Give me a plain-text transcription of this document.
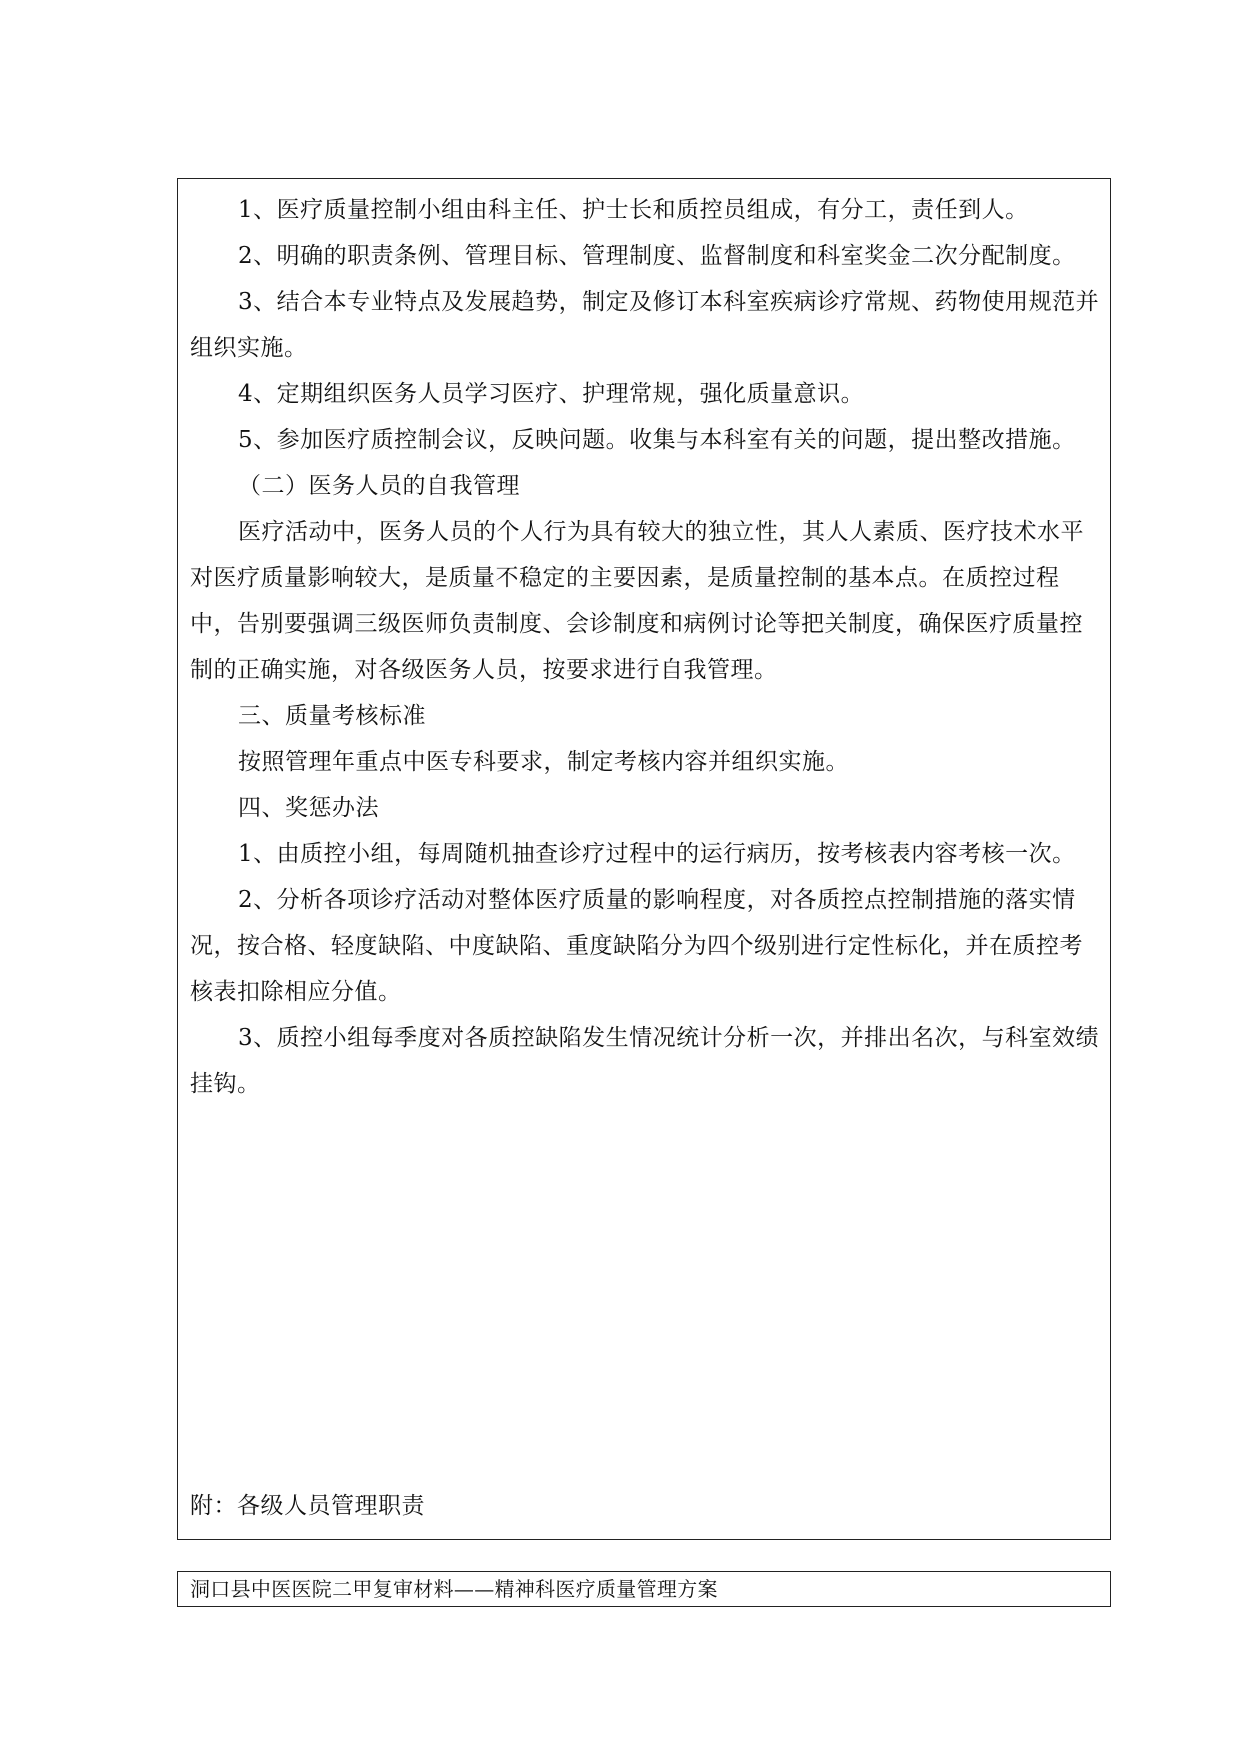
1、医疗质量控制小组由科主任、护士长和质控员组成，有分工，责任到人。

2、明确的职责条例、管理目标、管理制度、监督制度和科室奖金二次分配制度。

3、结合本专业特点及发展趋势，制定及修订本科室疾病诊疗常规、药物使用规范并组织实施。

4、定期组织医务人员学习医疗、护理常规，强化质量意识。

5、参加医疗质控制会议，反映问题。收集与本科室有关的问题，提出整改措施。

（二）医务人员的自我管理

医疗活动中，医务人员的个人行为具有较大的独立性，其人人素质、医疗技术水平对医疗质量影响较大，是质量不稳定的主要因素，是质量控制的基本点。在质控过程中，告别要强调三级医师负责制度、会诊制度和病例讨论等把关制度，确保医疗质量控制的正确实施，对各级医务人员，按要求进行自我管理。

三、质量考核标准

按照管理年重点中医专科要求，制定考核内容并组织实施。

四、奖惩办法

1、由质控小组，每周随机抽查诊疗过程中的运行病历，按考核表内容考核一次。

2、分析各项诊疗活动对整体医疗质量的影响程度，对各质控点控制措施的落实情况，按合格、轻度缺陷、中度缺陷、重度缺陷分为四个级别进行定性标化，并在质控考核表扣除相应分值。

3、质控小组每季度对各质控缺陷发生情况统计分析一次，并排出名次，与科室效绩挂钩。

附：各级人员管理职责
洞口县中医医院二甲复审材料——精神科医疗质量管理方案
